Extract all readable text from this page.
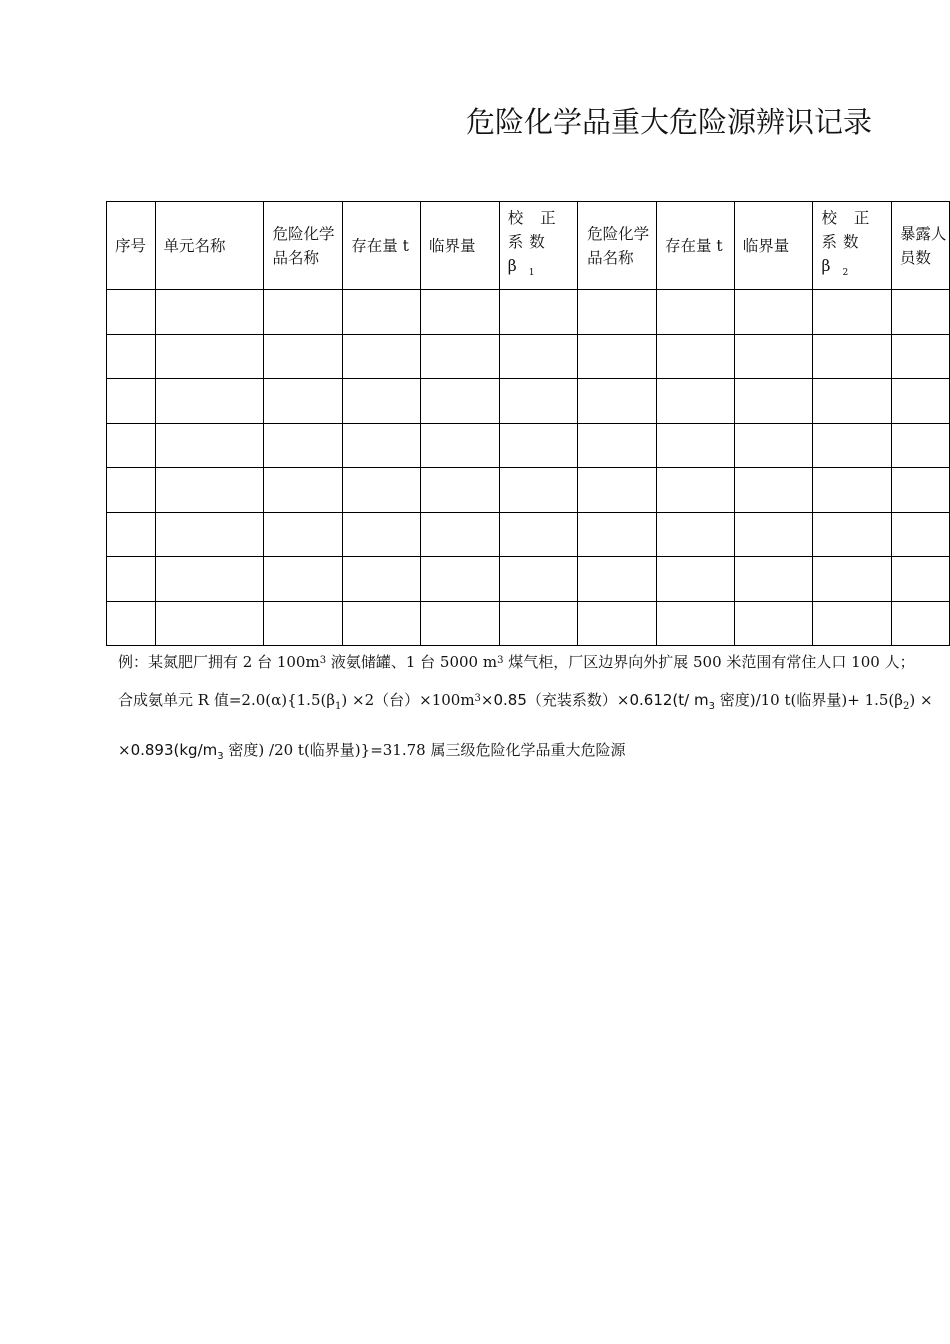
危险化学品重大危险源辨识记录
序号	单元名称	危险化学品名称	存在量 t	临界量	校 正 系数β $_1$	危险化学品名称	存在量 t	临界量	校 正 系数β $_2$	暴露人员数

例：某氮肥厂拥有 2 台 $100m^3$ 液氨储罐、1 台 5000 $m^3$ 煤气柜，厂区边界向外扩展 500 米范围有常住人口 100 人；
合成氨单元 R 值$=2.0(\alpha)\{1.5(\beta_1) \times 2$（台）$\times 100m^3\times 0.85$（充装系数）×0.612(t/ $m_3$ 密度)/10 t(临界量)+ $1.5(\beta_2)$ ×
$\times 0.893(kg/m_3$ 密度) /20 t(临界量)}=31.78 属三级危险化学品重大危险源
